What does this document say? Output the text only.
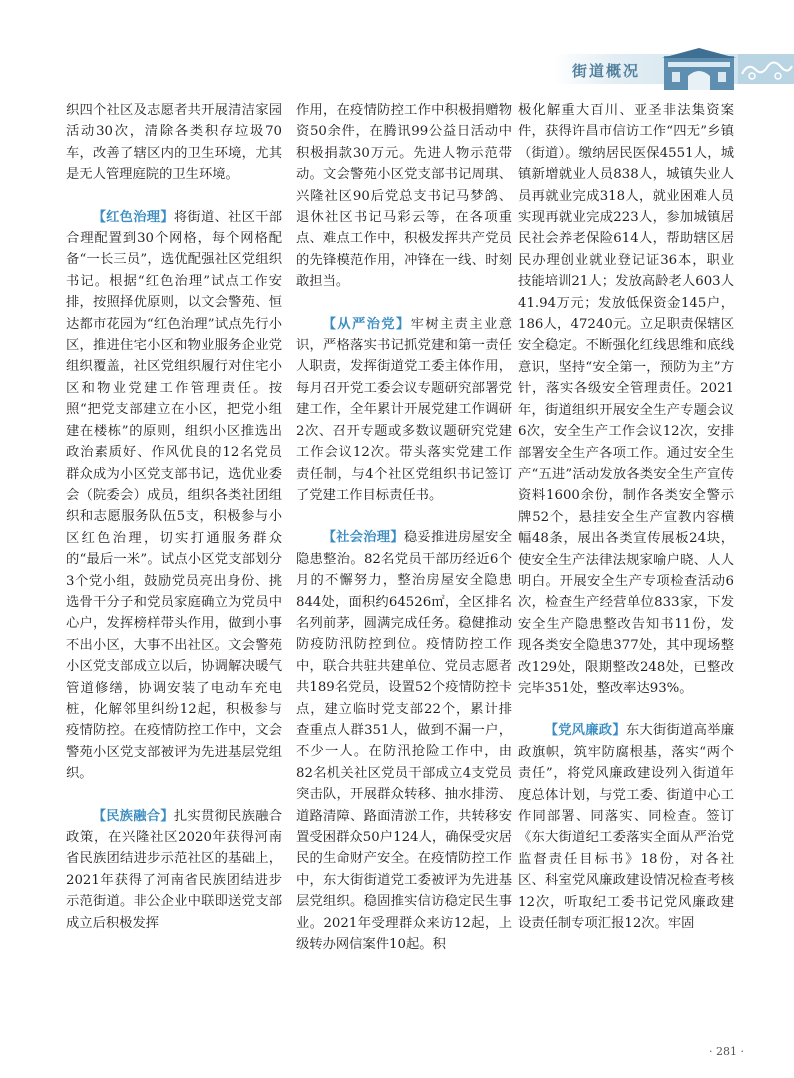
街道概况

织四个社区及志愿者共开展清洁家园活动30次，清除各类积存垃圾70车，改善了辖区内的卫生环境，尤其是无人管理庭院的卫生环境。

【红色治理】将街道、社区干部合理配置到30个网格，每个网格配备“一长三员”，选优配强社区党组织书记。根据“红色治理”试点工作安排，按照择优原则，以文会警苑、恒达都市花园为“红色治理”试点先行小区，推进住宅小区和物业服务企业党组织覆盖，社区党组织履行对住宅小区和物业党建工作管理责任。按照“把党支部建立在小区，把党小组建在楼栋”的原则，组织小区推选出政治素质好、作风优良的12名党员群众成为小区党支部书记，选优业委会（院委会）成员，组织各类社团组织和志愿服务队伍5支，积极参与小区红色治理，切实打通服务群众的“最后一米”。试点小区党支部划分3个党小组，鼓励党员亮出身份、挑选骨干分子和党员家庭确立为党员中心户，发挥榜样带头作用，做到小事不出小区，大事不出社区。文会警苑小区党支部成立以后，协调解决暖气管道修缮，协调安装了电动车充电桩，化解邻里纠纷12起，积极参与疫情防控。在疫情防控工作中，文会警苑小区党支部被评为先进基层党组织。

【民族融合】扎实贯彻民族融合政策，在兴隆社区2020年获得河南省民族团结进步示范社区的基础上，2021年获得了河南省民族团结进步示范街道。非公企业中联即送党支部成立后积极发挥

作用，在疫情防控工作中积极捐赠物资50余件，在腾讯99公益日活动中积极捐款30万元。先进人物示范带动。文会警苑小区党支部书记周琪、兴隆社区90后党总支书记马梦鸽、退休社区书记马彩云等，在各项重点、难点工作中，积极发挥共产党员的先锋模范作用，冲锋在一线、时刻敢担当。

【从严治党】牢树主责主业意识，严格落实书记抓党建和第一责任人职责，发挥街道党工委主体作用，每月召开党工委会议专题研究部署党建工作，全年累计开展党建工作调研2次、召开专题或多数议题研究党建工作会议12次。带头落实党建工作责任制，与4个社区党组织书记签订了党建工作目标责任书。

【社会治理】稳妥推进房屋安全隐患整治。82名党员干部历经近6个月的不懈努力，整治房屋安全隐患844处，面积约64526㎡，全区排名名列前茅，圆满完成任务。稳健推动防疫防汛防控到位。疫情防控工作中，联合共驻共建单位、党员志愿者共189名党员，设置52个疫情防控卡点，建立临时党支部22个，累计排查重点人群351人，做到不漏一户，不少一人。在防汛抢险工作中，由82名机关社区党员干部成立4支党员突击队，开展群众转移、抽水排涝、道路清障、路面清淤工作，共转移安置受困群众50户124人，确保受灾居民的生命财产安全。在疫情防控工作中，东大街街道党工委被评为先进基层党组织。稳固推实信访稳定民生事业。2021年受理群众来访12起，上级转办网信案件10起。积

极化解重大百川、亚圣非法集资案件，获得许昌市信访工作“四无”乡镇（街道）。缴纳居民医保4551人，城镇新增就业人员838人，城镇失业人员再就业完成318人，就业困难人员实现再就业完成223人，参加城镇居民社会养老保险614人，帮助辖区居民办理创业就业登记证36本，职业技能培训21人；发放高龄老人603人41.94万元；发放低保资金145户，186人，47240元。立足职责保辖区安全稳定。不断强化红线思维和底线意识，坚持“安全第一，预防为主”方针，落实各级安全管理责任。2021年，街道组织开展安全生产专题会议6次，安全生产工作会议12次，安排部署安全生产各项工作。通过安全生产“五进”活动发放各类安全生产宣传资料1600余份，制作各类安全警示牌52个，悬挂安全生产宣教内容横幅48条，展出各类宣传展板24块，使安全生产法律法规家喻户晓、人人明白。开展安全生产专项检查活动6次，检查生产经营单位833家，下发安全生产隐患整改告知书11份，发现各类安全隐患377处，其中现场整改129处，限期整改248处，已整改完毕351处，整改率达93%。

【党风廉政】东大街街道高举廉政旗帜，筑牢防腐根基，落实“两个责任”，将党风廉政建设列入街道年度总体计划，与党工委、街道中心工作同部署、同落实、同检查。签订《东大街道纪工委落实全面从严治党监督责任目标书》18份，对各社区、科室党风廉政建设情况检查考核12次，听取纪工委书记党风廉政建设责任制专项汇报12次。牢固

· 281 ·
